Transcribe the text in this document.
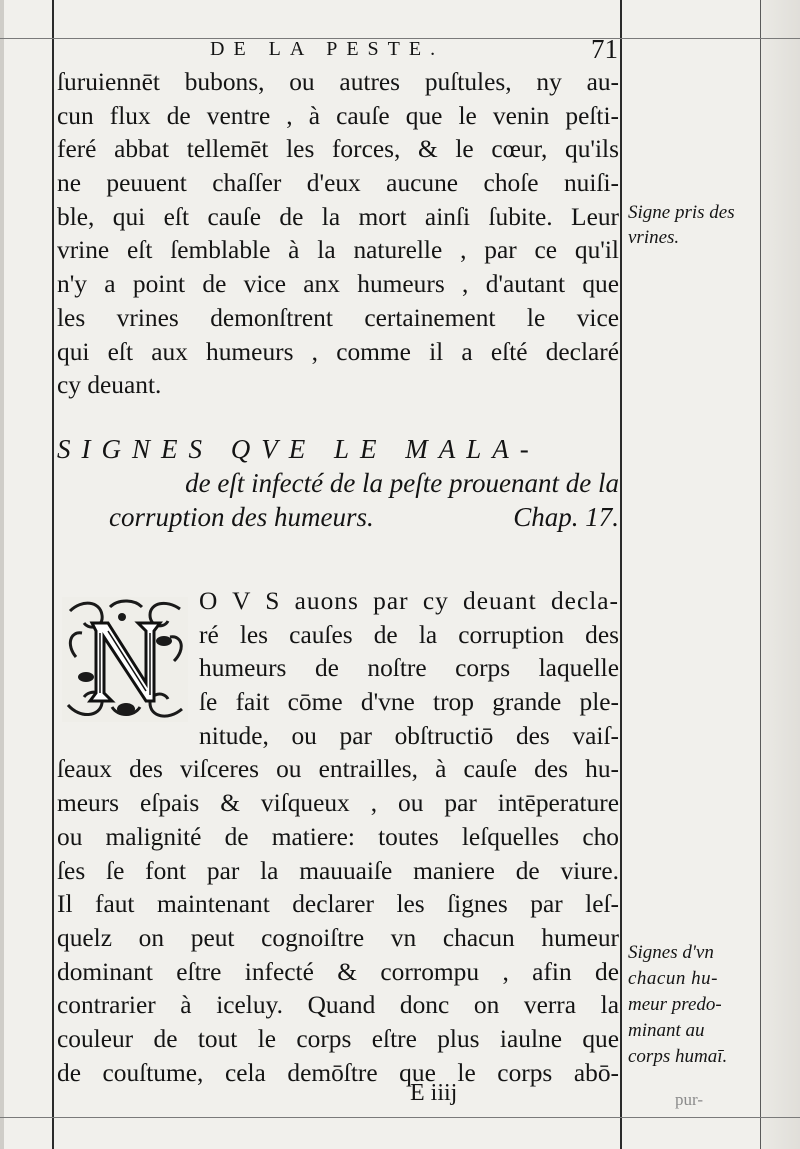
DE LA PESTE.	71
ſuruiennēt bubons, ou autres puſtules, ny au-
cun flux de ventre , à cauſe que le venin peſti-
feré abbat tellemēt les forces, & le cœur, qu'ils
ne peuuent chaſſer d'eux aucune choſe nuiſi-
ble, qui eſt cauſe de la mort ainſi ſubite. Leur
vrine eſt ſemblable à la naturelle , par ce qu'il
n'y a point de vice anx humeurs , d'autant que
les vrines demonſtrent certainement le vice
qui eſt aux humeurs , comme il a eſté declaré
cy deuant.
SIGNES QVE LE MALA-
de eſt infecté de la peſte prouenant de la
corruption des humeurs.	Chap. 17.
O V S auons par cy deuant decla-
ré les cauſes de la corruption des
humeurs de noſtre corps laquelle
ſe fait cōme d'vne trop grande ple-
nitude, ou par obſtructiō des vaiſ-
ſeaux des viſceres ou entrailles, à cauſe des hu-
meurs eſpais & viſqueux , ou par intēperature
ou malignité de matiere: toutes leſquelles cho
ſes ſe font par la mauuaiſe maniere de viure.
Il faut maintenant declarer les ſignes par leſ-
quelz on peut cognoiſtre vn chacun humeur
dominant eſtre infecté & corrompu , afin de
contrarier à iceluy. Quand donc on verra la
couleur de tout le corps eſtre plus iaulne que
de couſtume, cela demōſtre que le corps abō-
Signe pris des
vrines.
Signes d'vn
chacun hu-
meur predo-
minant au
corps humaī.
E iiij	pur-
